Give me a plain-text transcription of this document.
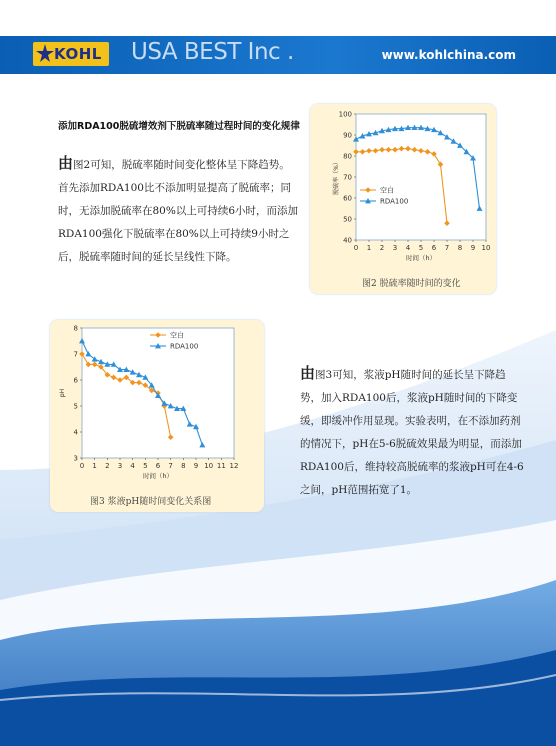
KOHL USA BEST Inc .	www.kohlchina.com
添加RDA100脱硫增效剂下脱硫率随过程时间的变化规律
由图2可知，脱硫率随时间变化整体呈下降趋势。首先添加RDA100比不添加明显提高了脱硫率；同时，无添加脱硫率在80%以上可持续6小时，而添加RDA100强化下脱硫率在80%以上可持续9小时之后，脱硫率随时间的延长呈线性下降。
由图3可知，浆液pH随时间的延长呈下降趋势，加入RDA100后，浆液pH随时间的下降变缓，即缓冲作用显现。实验表明，在不添加药剂的情况下，pH在5-6脱硫效果最为明显，而添加RDA100后，维持较高脱硫率的浆液pH可在4-6之间，pH范围拓宽了1。
40
50
60
70
80
90
100
0 1 2 3 4 5 6 7 8 9 10
时间（h）
脱硫率（%）	空白
RDA100
图2 脱硫率随时间的变化
3
4
5
6
7
8
0 1 2 3 4 5 6 7 8 9 10 11 12
时间（h）
pH
空白
RDA100
图3 浆液pH随时间变化关系图
